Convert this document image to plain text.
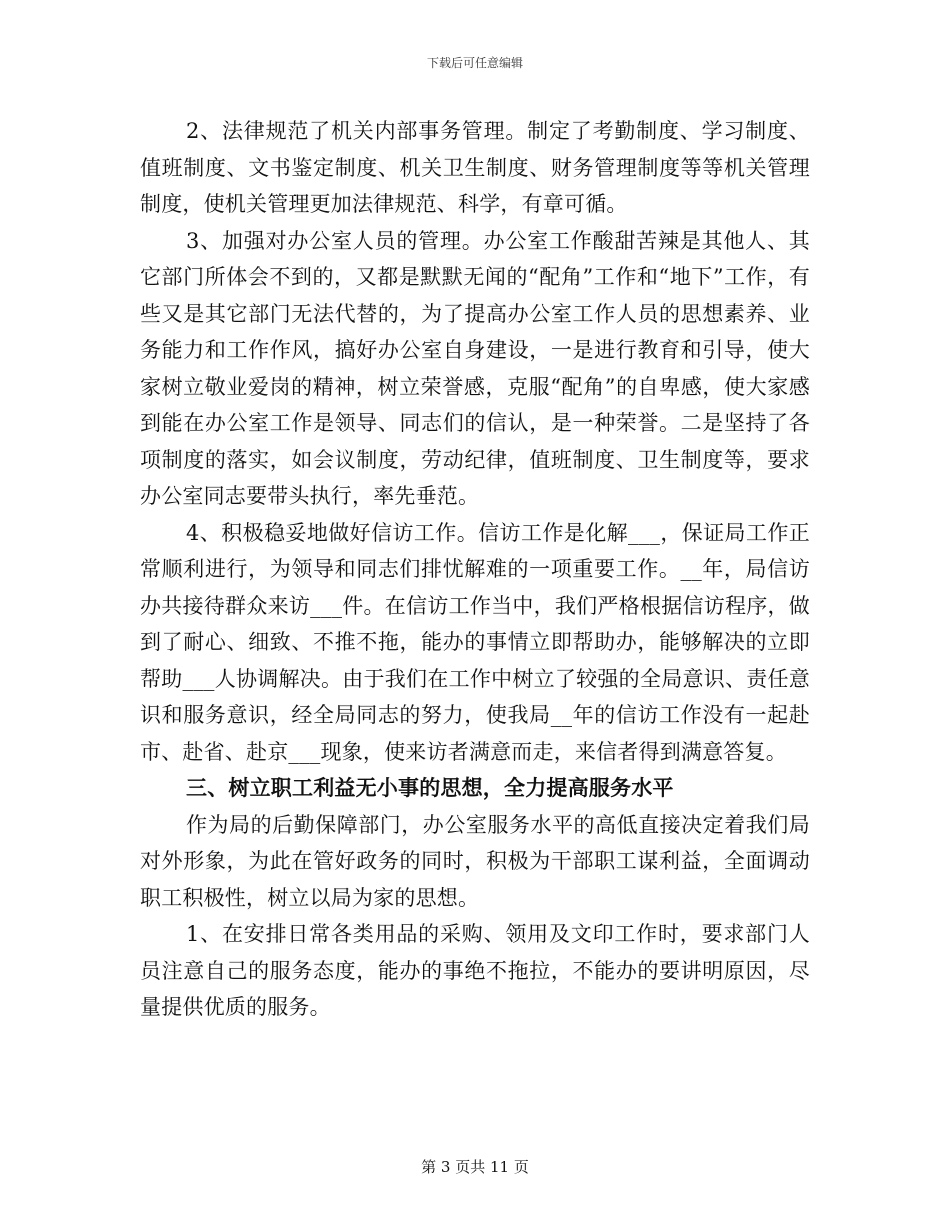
下载后可任意编辑

2、法律规范了机关内部事务管理。制定了考勤制度、学习制度、值班制度、文书鉴定制度、机关卫生制度、财务管理制度等等机关管理制度，使机关管理更加法律规范、科学，有章可循。

3、加强对办公室人员的管理。办公室工作酸甜苦辣是其他人、其它部门所体会不到的，又都是默默无闻的“配角”工作和“地下”工作，有些又是其它部门无法代替的，为了提高办公室工作人员的思想素养、业务能力和工作作风，搞好办公室自身建设，一是进行教育和引导，使大家树立敬业爱岗的精神，树立荣誉感，克服“配角”的自卑感，使大家感到能在办公室工作是领导、同志们的信认，是一种荣誉。二是坚持了各项制度的落实，如会议制度，劳动纪律，值班制度、卫生制度等，要求办公室同志要带头执行，率先垂范。

4、积极稳妥地做好信访工作。信访工作是化解___，保证局工作正常顺利进行，为领导和同志们排忧解难的一项重要工作。__年，局信访办共接待群众来访___件。在信访工作当中，我们严格根据信访程序，做到了耐心、细致、不推不拖，能办的事情立即帮助办，能够解决的立即帮助___人协调解决。由于我们在工作中树立了较强的全局意识、责任意识和服务意识，经全局同志的努力，使我局__年的信访工作没有一起赴市、赴省、赴京___现象，使来访者满意而走，来信者得到满意答复。

三、树立职工利益无小事的思想，全力提高服务水平

作为局的后勤保障部门，办公室服务水平的高低直接决定着我们局对外形象，为此在管好政务的同时，积极为干部职工谋利益，全面调动职工积极性，树立以局为家的思想。

1、在安排日常各类用品的采购、领用及文印工作时，要求部门人员注意自己的服务态度，能办的事绝不拖拉，不能办的要讲明原因，尽量提供优质的服务。

第 3 页共 11 页
